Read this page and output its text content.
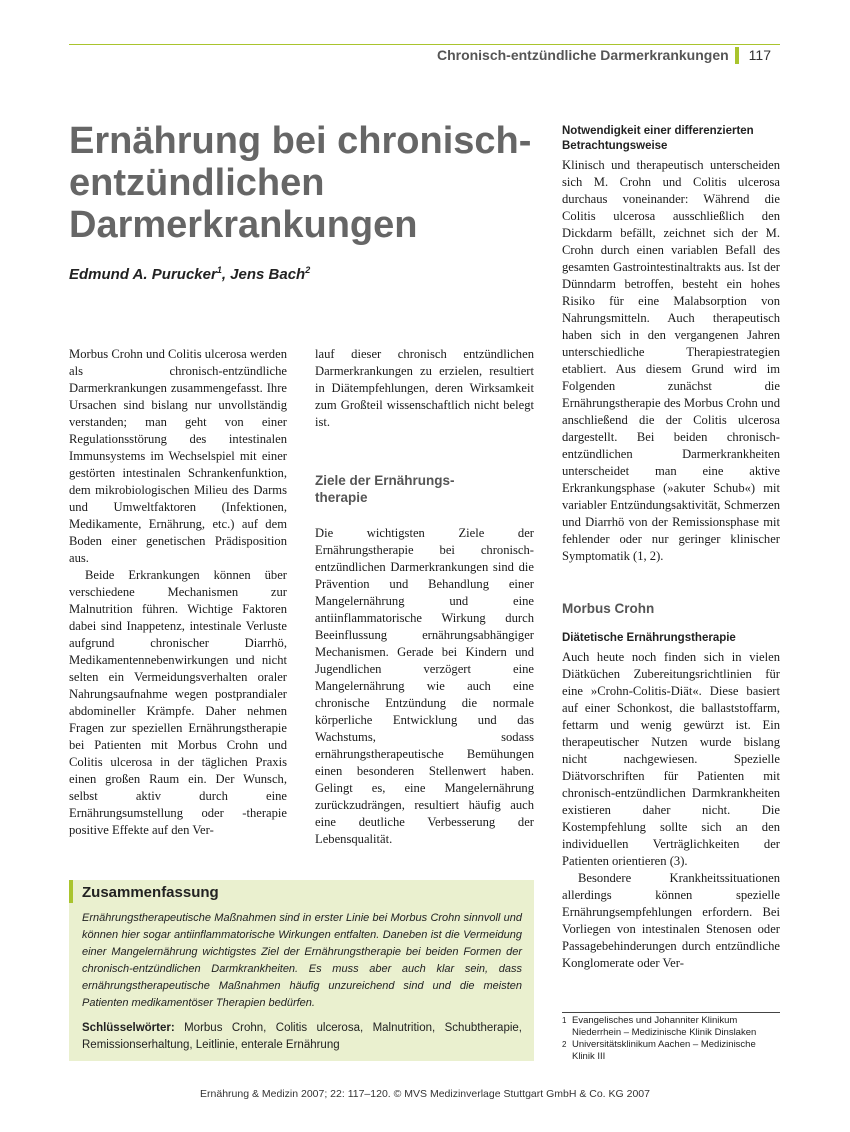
Chronisch-entzündliche Darmerkrankungen 117
Ernährung bei chronisch-entzündlichen Darmerkrankungen
Edmund A. Purucker$^1$, Jens Bach$^2$

Morbus Crohn und Colitis ulcerosa werden als chronisch-entzündliche Darmerkrankungen zusammengefasst. Ihre Ursachen sind bislang nur unvollständig verstanden; man geht von einer Regulationsstörung des intestinalen Immunsystems im Wechselspiel mit einer gestörten intestinalen Schrankenfunktion, dem mikrobiologischen Milieu des Darms und Umweltfaktoren (Infektionen, Medikamente, Ernährung, etc.) auf dem Boden einer genetischen Prädisposition aus.

Beide Erkrankungen können über verschiedene Mechanismen zur Malnutrition führen. Wichtige Faktoren dabei sind Inappetenz, intestinale Verluste aufgrund chronischer Diarrhö, Medikamentennebenwirkungen und nicht selten ein Vermeidungsverhalten oraler Nahrungsaufnahme wegen postprandialer abdomineller Krämpfe. Daher nehmen Fragen zur speziellen Ernährungstherapie bei Patienten mit Morbus Crohn und Colitis ulcerosa in der täglichen Praxis einen großen Raum ein. Der Wunsch, selbst aktiv durch eine Ernährungsumstellung oder -therapie positive Effekte auf den Ver-

lauf dieser chronisch entzündlichen Darmerkrankungen zu erzielen, resultiert in Diätempfehlungen, deren Wirksamkeit zum Großteil wissenschaftlich nicht belegt ist.

Ziele der Ernährungs-therapie

Die wichtigsten Ziele der Ernährungstherapie bei chronisch-entzündlichen Darmerkrankungen sind die Prävention und Behandlung einer Mangelernährung und eine antiinflammatorische Wirkung durch Beeinflussung ernährungsabhängiger Mechanismen. Gerade bei Kindern und Jugendlichen verzögert eine Mangelernährung wie auch eine chronische Entzündung die normale körperliche Entwicklung und das Wachstums, sodass ernährungstherapeutische Bemühungen einen besonderen Stellenwert haben. Gelingt es, eine Mangelernährung zurückzudrängen, resultiert häufig auch eine deutliche Verbesserung der Lebensqualität.

Notwendigkeit einer differenzierten Betrachtungsweise

Klinisch und therapeutisch unterscheiden sich M. Crohn und Colitis ulcerosa durchaus voneinander: Während die Colitis ulcerosa ausschließlich den Dickdarm befällt, zeichnet sich der M. Crohn durch einen variablen Befall des gesamten Gastrointestinaltrakts aus. Ist der Dünndarm betroffen, besteht ein hohes Risiko für eine Malabsorption von Nahrungsmitteln. Auch therapeutisch haben sich in den vergangenen Jahren unterschiedliche Therapiestrategien etabliert. Aus diesem Grund wird im Folgenden zunächst die Ernährungstherapie des Morbus Crohn und anschließend die der Colitis ulcerosa dargestellt. Bei beiden chronisch-entzündlichen Darmerkrankheiten unterscheidet man eine aktive Erkrankungsphase (»akuter Schub«) mit variabler Entzündungsaktivität, Schmerzen und Diarrhö von der Remissionsphase mit fehlender oder nur geringer klinischer Symptomatik (1, 2).

Morbus Crohn
Diätetische Ernährungstherapie

Auch heute noch finden sich in vielen Diätküchen Zubereitungsrichtlinien für eine »Crohn-Colitis-Diät«. Diese basiert auf einer Schonkost, die ballaststoffarm, fettarm und wenig gewürzt ist. Ein therapeutischer Nutzen wurde bislang nicht nachgewiesen. Spezielle Diätvorschriften für Patienten mit chronisch-entzündlichen Darmkrankheiten existieren daher nicht. Die Kostempfehlung sollte sich an den individuellen Verträglichkeiten der Patienten orientieren (3).

Besondere Krankheitssituationen allerdings können spezielle Ernährungsempfehlungen erfordern. Bei Vorliegen von intestinalen Stenosen oder Passagebehinderungen durch entzündliche Konglomerate oder Ver-

Zusammenfassung

Ernährungstherapeutische Maßnahmen sind in erster Linie bei Morbus Crohn sinnvoll und können hier sogar antiinflammatorische Wirkungen entfalten. Daneben ist die Vermeidung einer Mangelernährung wichtigstes Ziel der Ernährungstherapie bei beiden Formen der chronisch-entzündlichen Darmkrankheiten. Es muss aber auch klar sein, dass ernährungstherapeutische Maßnahmen häufig unzureichend sind und die meisten Patienten medikamentöser Therapien bedürfen.

Schlüsselwörter: Morbus Crohn, Colitis ulcerosa, Malnutrition, Schubtherapie, Remissionserhaltung, Leitlinie, enterale Ernährung

1 Evangelisches und Johanniter Klinikum Niederrhein – Medizinische Klinik Dinslaken
2 Universitätsklinikum Aachen – Medizinische Klinik III
Ernährung & Medizin 2007; 22: 117–120. © MVS Medizinverlage Stuttgart GmbH & Co. KG 2007
